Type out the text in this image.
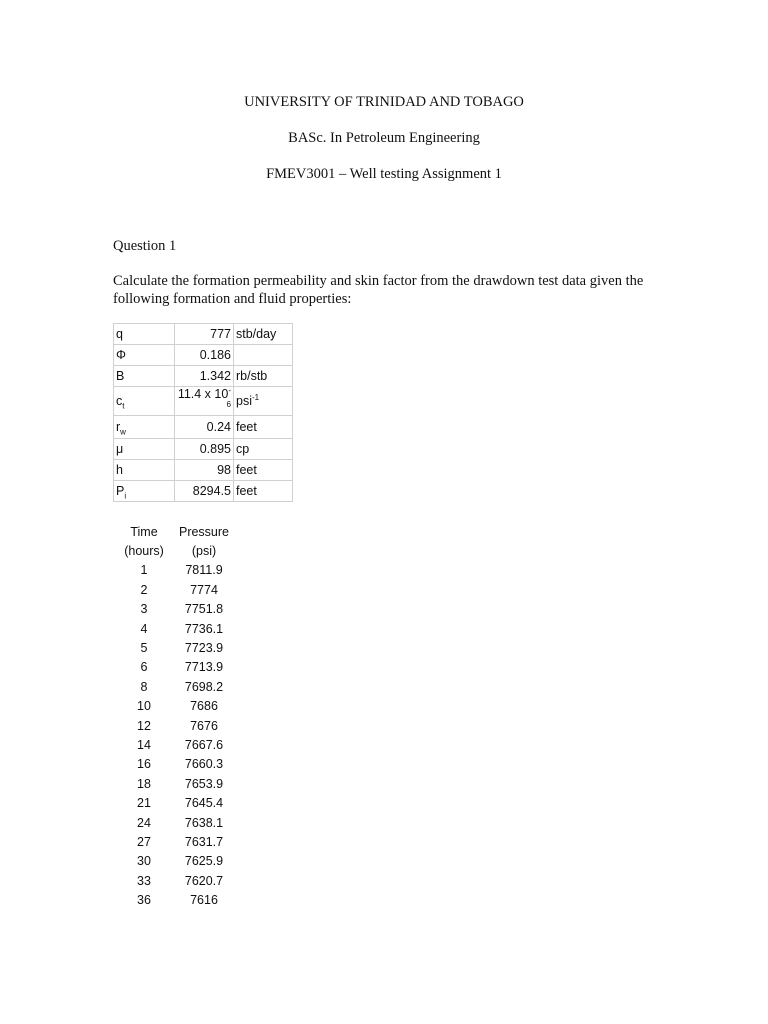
UNIVERSITY OF TRINIDAD AND TOBAGO
BASc. In Petroleum Engineering
FMEV3001 – Well testing Assignment 1
Question 1
Calculate the formation permeability and skin factor from the drawdown test data given the following formation and fluid properties:
q	777	stb/day
Φ	0.186	
B	1.342	rb/stb
$c_t$	11.4 x $10^{-6}$	psi$^{-1}$
$r_w$	0.24	feet
μ	0.895	cp
h	98	feet
$P_i$	8294.5	feet
Time	Pressure
(hours)	(psi)
1	7811.9
2	7774
3	7751.8
4	7736.1
5	7723.9
6	7713.9
8	7698.2
10	7686
12	7676
14	7667.6
16	7660.3
18	7653.9
21	7645.4
24	7638.1
27	7631.7
30	7625.9
33	7620.7
36	7616
